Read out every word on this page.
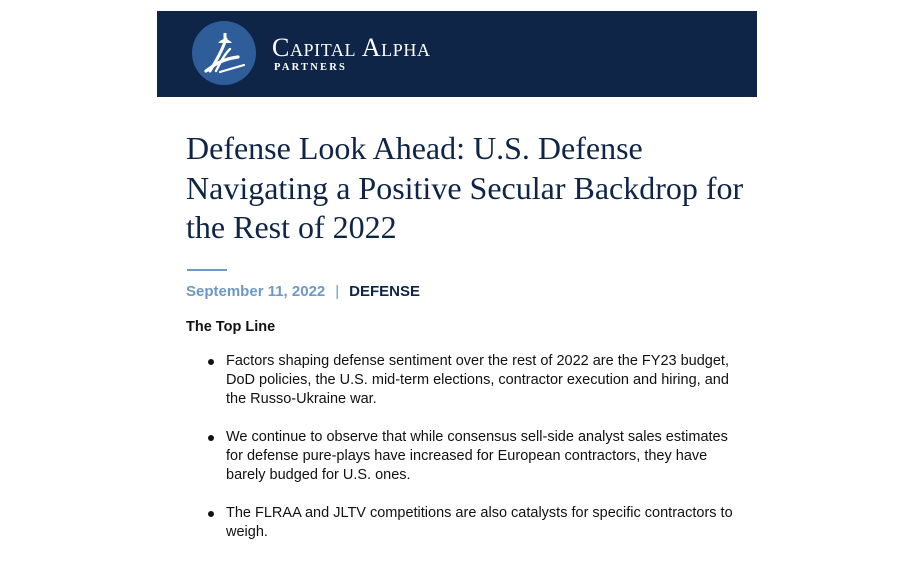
Capital Alpha
PARTNERS
Defense Look Ahead: U.S. Defense Navigating a Positive Secular Backdrop for the Rest of 2022
September 11, 2022 | DEFENSE
The Top Line
Factors shaping defense sentiment over the rest of 2022 are the FY23 budget, DoD policies, the U.S. mid-term elections, contractor execution and hiring, and the Russo-Ukraine war.
We continue to observe that while consensus sell-side analyst sales estimates for defense pure-plays have increased for European contractors, they have barely budged for U.S. ones.
The FLRAA and JLTV competitions are also catalysts for specific contractors to weigh.
